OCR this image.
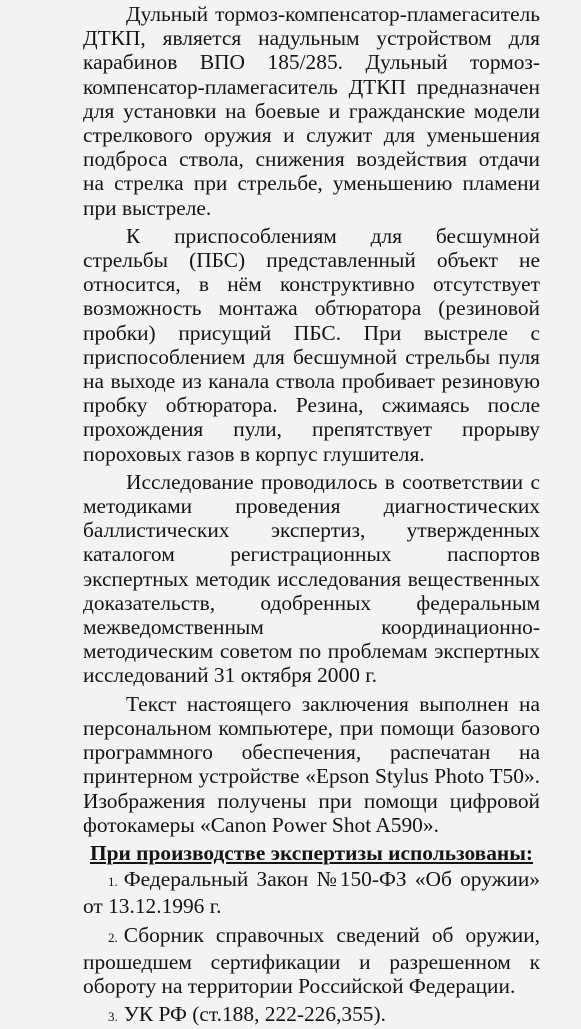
Дульный тормоз-компенсатор-пламегаситель ДТКП, является надульным устройством для карабинов ВПО 185/285. Дульный тормоз-компенсатор-пламегаситель ДТКП предназначен для установки на боевые и гражданские модели стрелкового оружия и служит для уменьшения подброса ствола, снижения воздействия отдачи на стрелка при стрельбе, уменьшению пламени при выстреле.

К приспособлениям для бесшумной стрельбы (ПБС) представленный объект не относится, в нём конструктивно отсутствует возможность монтажа обтюратора (резиновой пробки) присущий ПБС. При выстреле с приспособлением для бесшумной стрельбы пуля на выходе из канала ствола пробивает резиновую пробку обтюратора. Резина, сжимаясь после прохождения пули, препятствует прорыву пороховых газов в корпус глушителя.

Исследование проводилось в соответствии с методиками проведения диагностических баллистических экспертиз, утвержденных каталогом регистрационных паспортов экспертных методик исследования вещественных доказательств, одобренных федеральным межведомственным координационно-методическим советом по проблемам экспертных исследований 31 октября 2000 г.

Текст настоящего заключения выполнен на персональном компьютере, при помощи базового программного обеспечения, распечатан на принтерном устройстве «Epson Stylus Photo T50». Изображения получены при помощи цифровой фотокамеры «Canon Power Shot A590».

При производстве экспертизы использованы:

1. Федеральный Закон №150-ФЗ «Об оружии» от 13.12.1996 г.

2. Сборник справочных сведений об оружии, прошедшем сертификации и разрешенном к обороту на территории Российской Федерации.

3. УК РФ (ст.188, 222-226,355).
